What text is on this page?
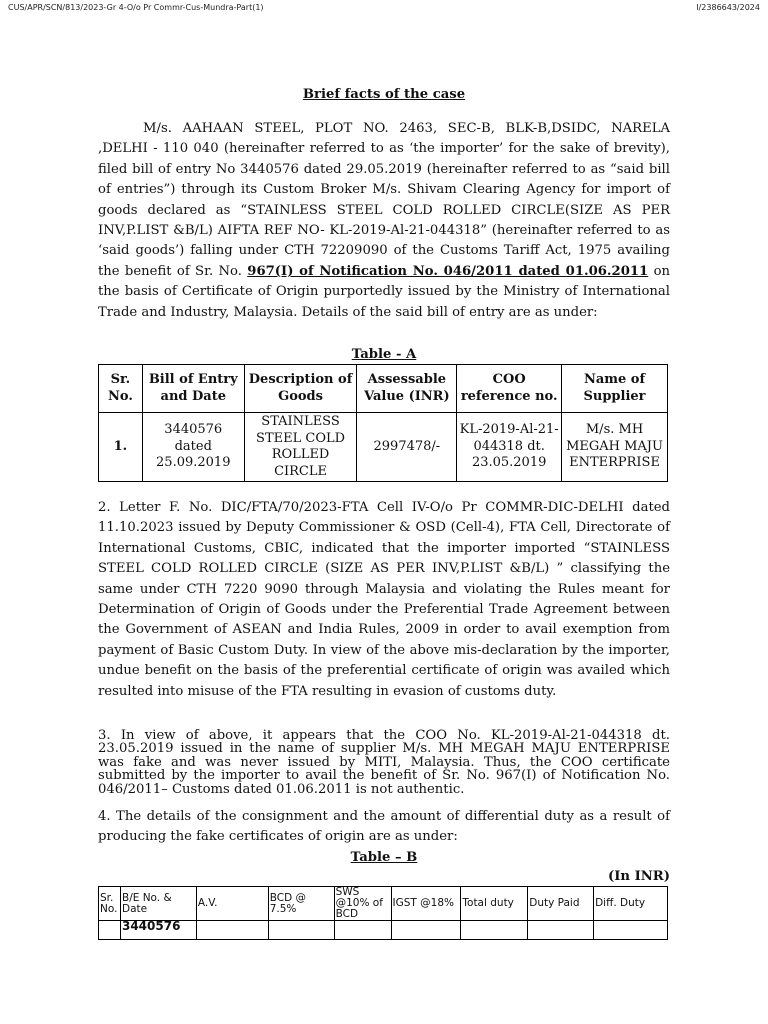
CUS/APR/SCN/813/2023-Gr 4-O/o Pr Commr-Cus-Mundra-Part(1)	I/2386643/2024
Brief facts of the case

M/s. AAHAAN STEEL, PLOT NO. 2463, SEC-B, BLK-B,DSIDC, NARELA ,DELHI - 110 040 (hereinafter referred to as ‘the importer’ for the sake of brevity), filed bill of entry No 3440576 dated 29.05.2019 (hereinafter referred to as “said bill of entries”) through its Custom Broker M/s. Shivam Clearing Agency for import of goods declared as “STAINLESS STEEL COLD ROLLED CIRCLE(SIZE AS PER INV,P.LIST &B/L) AIFTA REF NO- KL-2019-Al-21-044318” (hereinafter referred to as ‘said goods’) falling under CTH 72209090 of the Customs Tariff Act, 1975 availing the benefit of Sr. No. 967(I) of Notification No. 046/2011 dated 01.06.2011 on the basis of Certificate of Origin purportedly issued by the Ministry of International Trade and Industry, Malaysia. Details of the said bill of entry are as under:

Table - A
Sr. No.	Bill of Entry and Date	Description of Goods	Assessable Value (INR)	COO reference no.	Name of Supplier
1.	3440576 dated 25.09.2019	STAINLESS STEEL COLD ROLLED CIRCLE	2997478/-	KL-2019-Al-21-044318 dt. 23.05.2019	M/s. MH MEGAH MAJU ENTERPRISE

2. Letter F. No. DIC/FTA/70/2023-FTA Cell IV-O/o Pr COMMR-DIC-DELHI dated 11.10.2023 issued by Deputy Commissioner & OSD (Cell-4), FTA Cell, Directorate of International Customs, CBIC, indicated that the importer imported “STAINLESS STEEL COLD ROLLED CIRCLE (SIZE AS PER INV,P.LIST &B/L) ” classifying the same under CTH 7220 9090 through Malaysia and violating the Rules meant for Determination of Origin of Goods under the Preferential Trade Agreement between the Government of ASEAN and India Rules, 2009 in order to avail exemption from payment of Basic Custom Duty. In view of the above mis-declaration by the importer, undue benefit on the basis of the preferential certificate of origin was availed which resulted into misuse of the FTA resulting in evasion of customs duty.

3. In view of above, it appears that the COO No. KL-2019-Al-21-044318 dt. 23.05.2019 issued in the name of supplier M/s. MH MEGAH MAJU ENTERPRISE was fake and was never issued by MITI, Malaysia. Thus, the COO certificate submitted by the importer to avail the benefit of Sr. No. 967(I) of Notification No. 046/2011– Customs dated 01.06.2011 is not authentic.

4. The details of the consignment and the amount of differential duty as a result of producing the fake certificates of origin are as under:

Table – B
(In INR)
Sr. No.	B/E No. & Date	A.V.	BCD @ 7.5%	SWS @10% of BCD	IGST @18%	Total duty	Duty Paid	Diff. Duty
	3440576							
